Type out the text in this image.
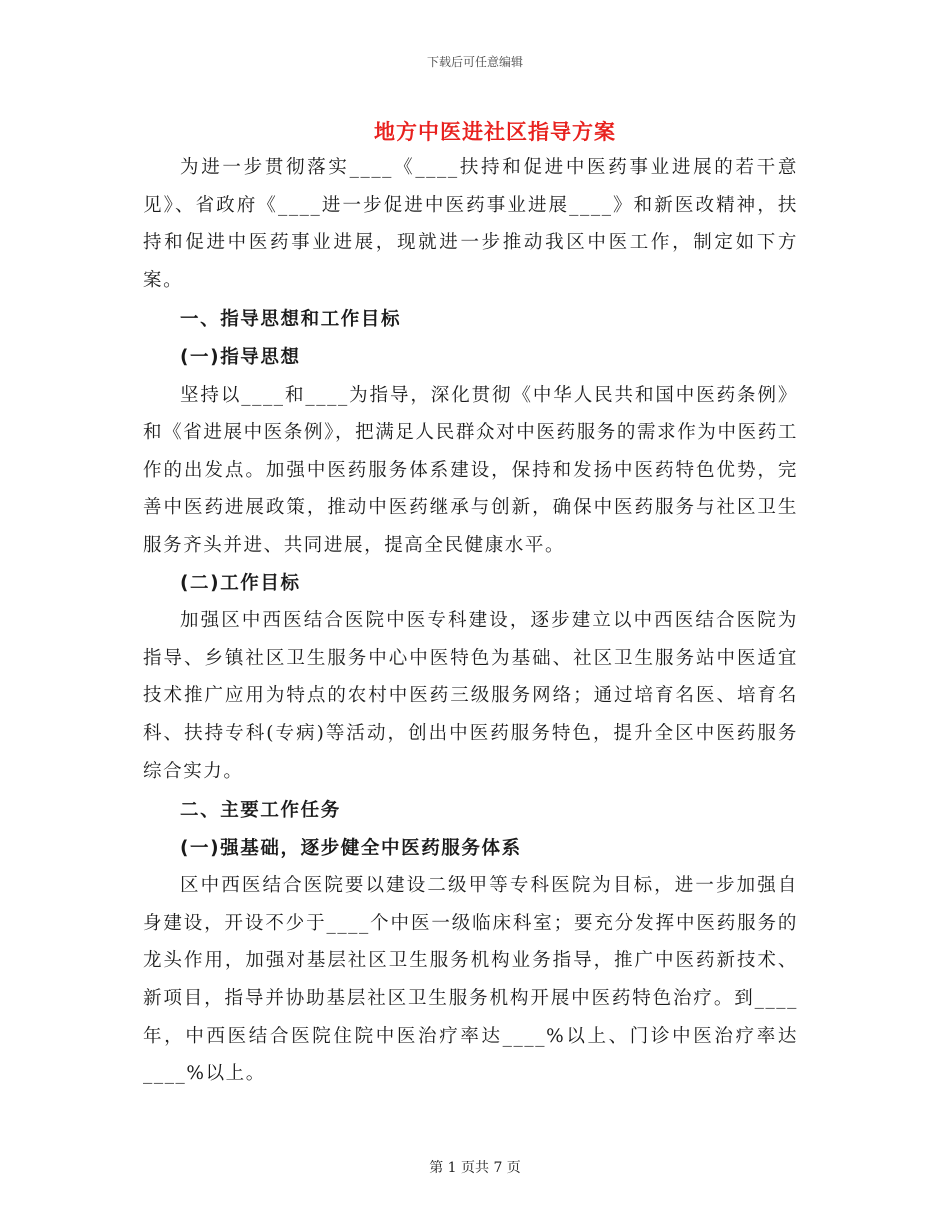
下载后可任意编辑
地方中医进社区指导方案

为进一步贯彻落实____《____扶持和促进中医药事业进展的若干意见》、省政府《____进一步促进中医药事业进展____》和新医改精神，扶持和促进中医药事业进展，现就进一步推动我区中医工作，制定如下方案。

一、指导思想和工作目标
(一)指导思想

坚持以____和____为指导，深化贯彻《中华人民共和国中医药条例》和《省进展中医条例》，把满足人民群众对中医药服务的需求作为中医药工作的出发点。加强中医药服务体系建设，保持和发扬中医药特色优势，完善中医药进展政策，推动中医药继承与创新，确保中医药服务与社区卫生服务齐头并进、共同进展，提高全民健康水平。

(二)工作目标

加强区中西医结合医院中医专科建设，逐步建立以中西医结合医院为指导、乡镇社区卫生服务中心中医特色为基础、社区卫生服务站中医适宜技术推广应用为特点的农村中医药三级服务网络；通过培育名医、培育名科、扶持专科(专病)等活动，创出中医药服务特色，提升全区中医药服务综合实力。

二、主要工作任务
(一)强基础，逐步健全中医药服务体系

区中西医结合医院要以建设二级甲等专科医院为目标，进一步加强自身建设，开设不少于____个中医一级临床科室；要充分发挥中医药服务的龙头作用，加强对基层社区卫生服务机构业务指导，推广中医药新技术、新项目，指导并协助基层社区卫生服务机构开展中医药特色治疗。到____年，中西医结合医院住院中医治疗率达____%以上、门诊中医治疗率达____%以上。

第 1 页共 7 页
